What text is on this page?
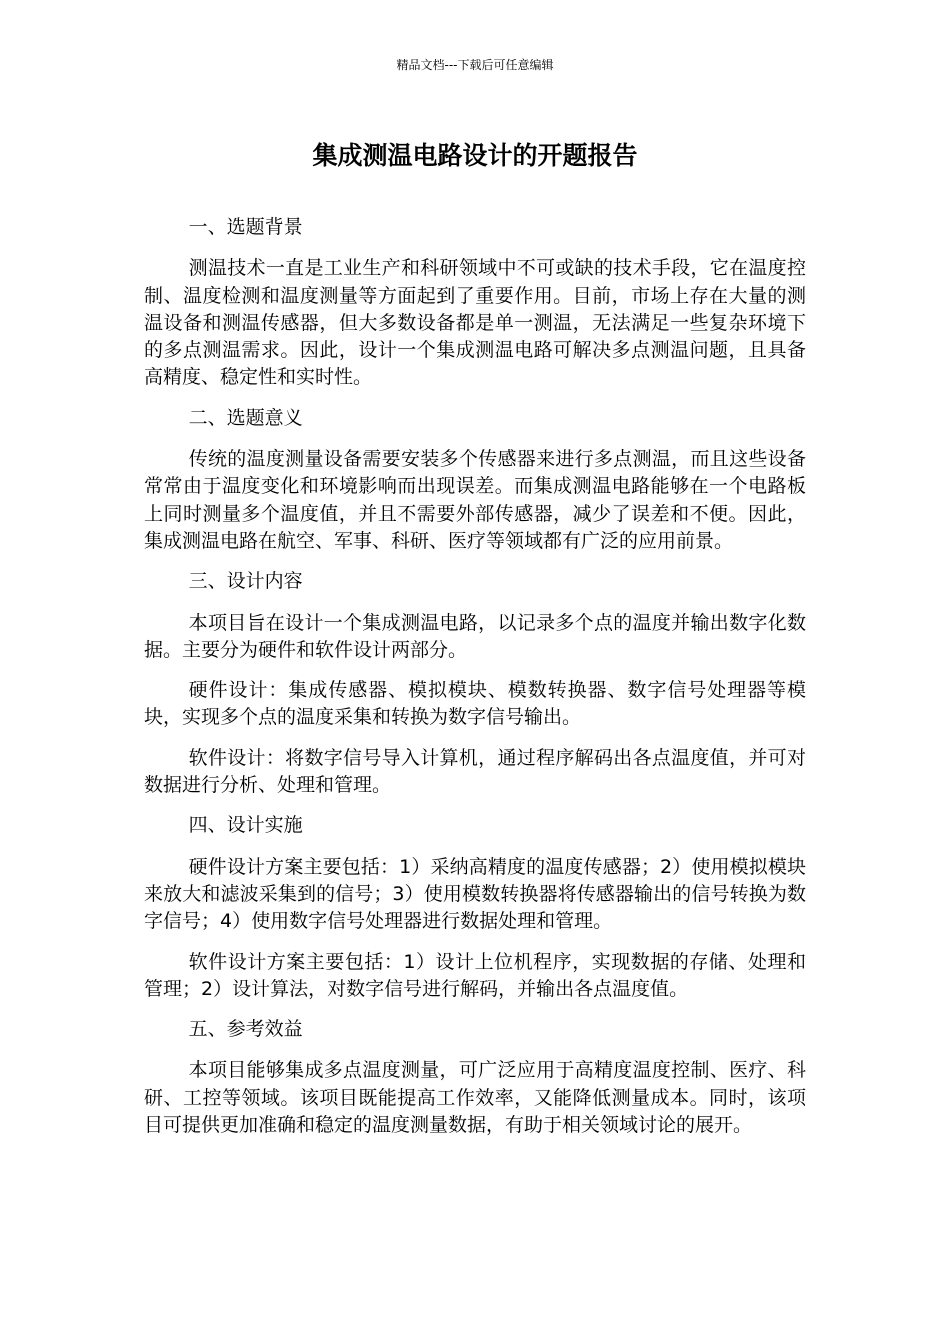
精品文档---下载后可任意编辑
集成测温电路设计的开题报告

一、选题背景

测温技术一直是工业生产和科研领域中不可或缺的技术手段，它在温度控制、温度检测和温度测量等方面起到了重要作用。目前，市场上存在大量的测温设备和测温传感器，但大多数设备都是单一测温，无法满足一些复杂环境下的多点测温需求。因此，设计一个集成测温电路可解决多点测温问题，且具备高精度、稳定性和实时性。

二、选题意义

传统的温度测量设备需要安装多个传感器来进行多点测温，而且这些设备常常由于温度变化和环境影响而出现误差。而集成测温电路能够在一个电路板上同时测量多个温度值，并且不需要外部传感器，减少了误差和不便。因此，集成测温电路在航空、军事、科研、医疗等领域都有广泛的应用前景。

三、设计内容

本项目旨在设计一个集成测温电路，以记录多个点的温度并输出数字化数据。主要分为硬件和软件设计两部分。

硬件设计：集成传感器、模拟模块、模数转换器、数字信号处理器等模块，实现多个点的温度采集和转换为数字信号输出。

软件设计：将数字信号导入计算机，通过程序解码出各点温度值，并可对数据进行分析、处理和管理。

四、设计实施

硬件设计方案主要包括：1）采纳高精度的温度传感器；2）使用模拟模块来放大和滤波采集到的信号；3）使用模数转换器将传感器输出的信号转换为数字信号；4）使用数字信号处理器进行数据处理和管理。

软件设计方案主要包括：1）设计上位机程序，实现数据的存储、处理和管理；2）设计算法，对数字信号进行解码，并输出各点温度值。

五、参考效益

本项目能够集成多点温度测量，可广泛应用于高精度温度控制、医疗、科研、工控等领域。该项目既能提高工作效率，又能降低测量成本。同时，该项目可提供更加准确和稳定的温度测量数据，有助于相关领域讨论的展开。
